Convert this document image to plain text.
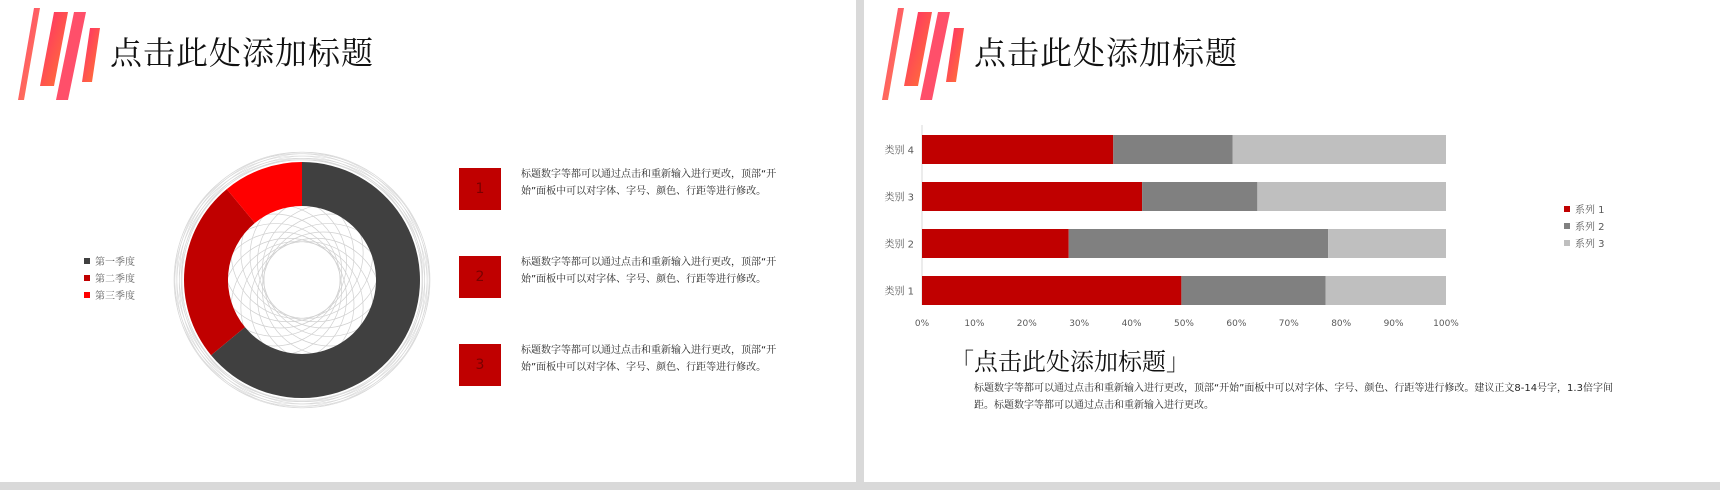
点击此处添加标题
第一季度
第二季度
第三季度
1
标题数字等都可以通过点击和重新输入进行更改，顶部“开始”面板中可以对字体、字号、颜色、行距等进行修改。
2
标题数字等都可以通过点击和重新输入进行更改，顶部“开始”面板中可以对字体、字号、颜色、行距等进行修改。
3
标题数字等都可以通过点击和重新输入进行更改，顶部“开始”面板中可以对字体、字号、颜色、行距等进行修改。
点击此处添加标题
类别 1
类别 2
类别 3
类别 4
0%	10%	20%	30%	40%	50%	60%	70%	80%	90%	100%
系列 1
系列 2
系列 3
「点击此处添加标题」
标题数字等都可以通过点击和重新输入进行更改，顶部“开始”面板中可以对字体、字号、颜色、行距等进行修改。建议正文8-14号字，1.3倍字间距。标题数字等都可以通过点击和重新输入进行更改。
